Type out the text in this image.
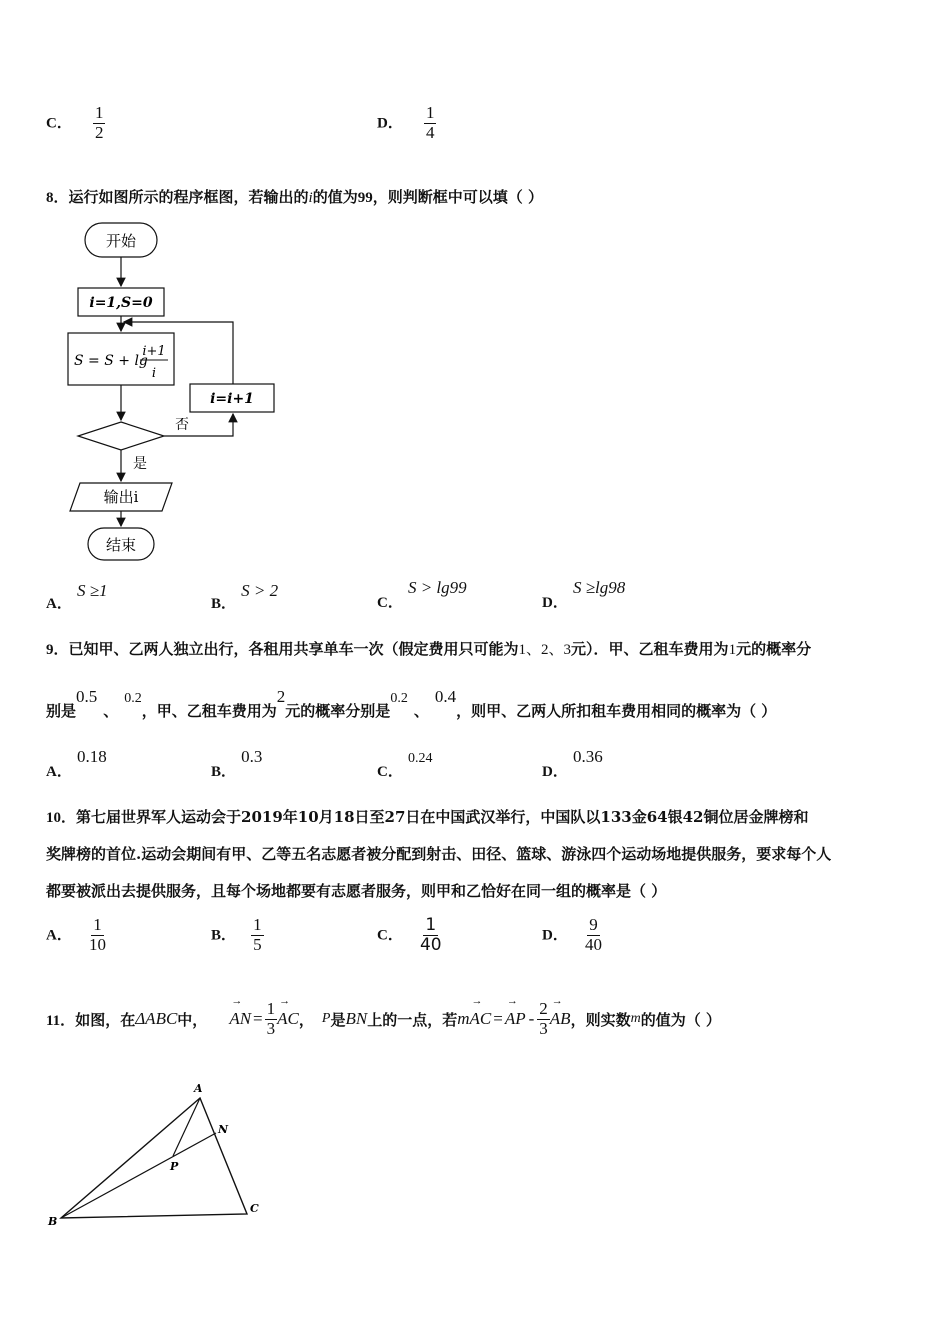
C． $\frac{1}{2}$	D． $\frac{1}{4}$
8．运行如图所示的程序框图，若输出的i的值为99，则判断框中可以填（ ）
开始
i=1,S=0
S = S + lg
i+1
i
否
i=i+1
是
输出i
结束
A． S ≥1
B． S > 2
C． S > lg99
D． S ≥lg98
9．已知甲、乙两人独立出行，各租用共享单车一次（假定费用只可能为1、2、3元）．甲、乙租车费用为1元的概率分
别是0.5、0.2，甲、乙租车费用为2元的概率分别是0.2、0.4，则甲、乙两人所扣租车费用相同的概率为（ ）
A． 0.18
B． 0.3
C． 0.24
D． 0.36
10．第七届世界军人运动会于2019年10月18日至27日在中国武汉举行，中国队以133金64银42铜位居金牌榜和
奖牌榜的首位.运动会期间有甲、乙等五名志愿者被分配到射击、田径、篮球、游泳四个运动场地提供服务，要求每个人
都要被派出去提供服务，且每个场地都要有志愿者服务，则甲和乙恰好在同一组的概率是（ ）
A． $\frac{1}{10}$	B． $\frac{1}{5}$	C． $\frac{1}{40}$	D． $\frac{9}{40}$
11． 如图，在 ΔABC 中， → AN = $\frac{1}{3}$ → AC ， P 是 BN 上的一点，若 m → AC = → AP - $\frac{2}{3}$ → AB ，则实数 m 的值为（ ）
A
N
P
B
C
